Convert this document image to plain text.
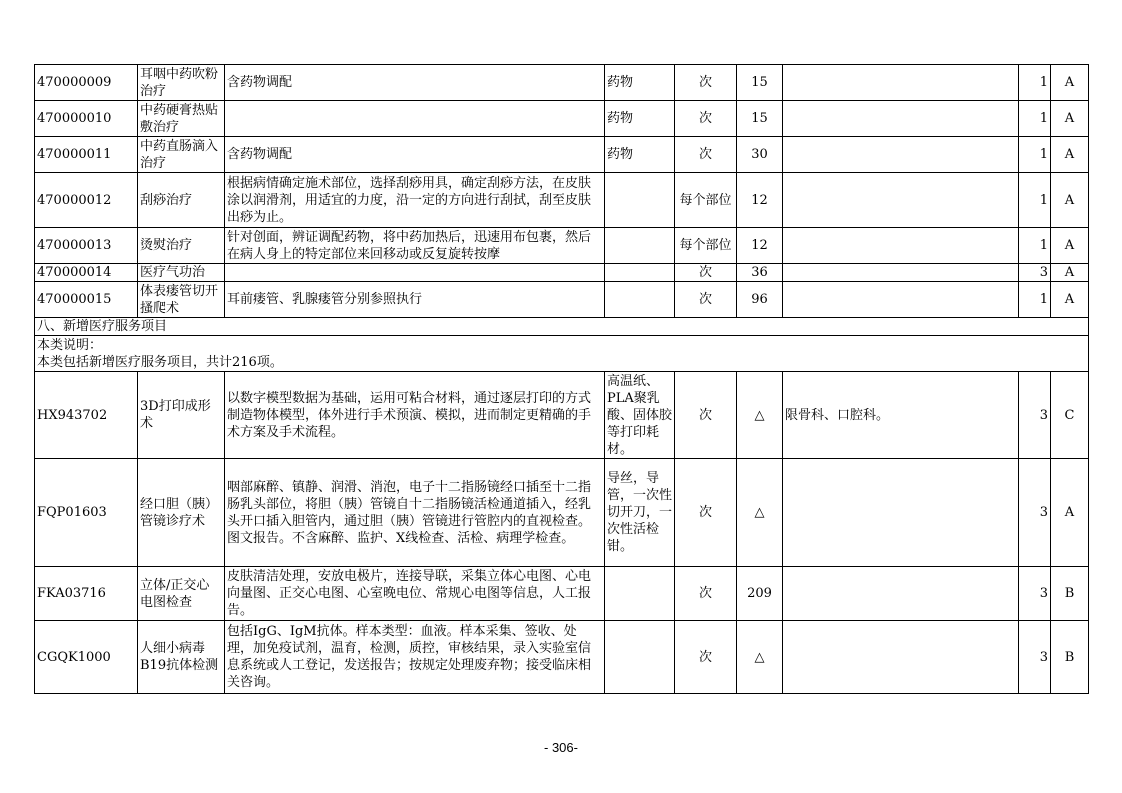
470000009	耳咽中药吹粉治疗	含药物调配	药物	次	15		1	A
470000010	中药硬膏热贴敷治疗		药物	次	15		1	A
470000011	中药直肠滴入治疗	含药物调配	药物	次	30		1	A
470000012	刮痧治疗	根据病情确定施术部位，选择刮痧用具，确定刮痧方法，在皮肤涂以润滑剂，用适宜的力度，沿一定的方向进行刮拭，刮至皮肤出痧为止。		每个部位	12		1	A
470000013	烫熨治疗	针对创面，辨证调配药物，将中药加热后，迅速用布包裹，然后在病人身上的特定部位来回移动或反复旋转按摩		每个部位	12		1	A
470000014	医疗气功治			次	36		3	A
470000015	体表瘘管切开搔爬术	耳前瘘管、乳腺瘘管分别参照执行		次	96		1	A
八、新增医疗服务项目								

本类说明：
本类包括新增医疗服务项目，共计216项。								

HX943702	3D打印成形术	以数字模型数据为基础，运用可粘合材料，通过逐层打印的方式制造物体模型，体外进行手术预演、模拟，进而制定更精确的手术方案及手术流程。	高温纸、PLA聚乳酸、固体胶等打印耗材。	次	△	限骨科、口腔科。	3	C
FQP01603	经口胆（胰）管镜诊疗术	咽部麻醉、镇静、润滑、消泡，电子十二指肠镜经口插至十二指肠乳头部位，将胆（胰）管镜自十二指肠镜活检通道插入，经乳头开口插入胆管内，通过胆（胰）管镜进行管腔内的直视检查。图文报告。不含麻醉、监护、X线检查、活检、病理学检查。	导丝，导管，一次性切开刀，一次性活检钳。	次	△		3	A
FKA03716	立体/正交心电图检查	皮肤清洁处理，安放电极片，连接导联，采集立体心电图、心电向量图、正交心电图、心室晚电位、常规心电图等信息，人工报告。		次	209		3	B
CGQK1000	人细小病毒B19抗体检测	包括IgG、IgM抗体。样本类型：血液。样本采集、签收、处理，加免疫试剂，温育，检测，质控，审核结果，录入实验室信息系统或人工登记，发送报告；按规定处理废弃物；接受临床相关咨询。		次	△		3	B
- 306-
